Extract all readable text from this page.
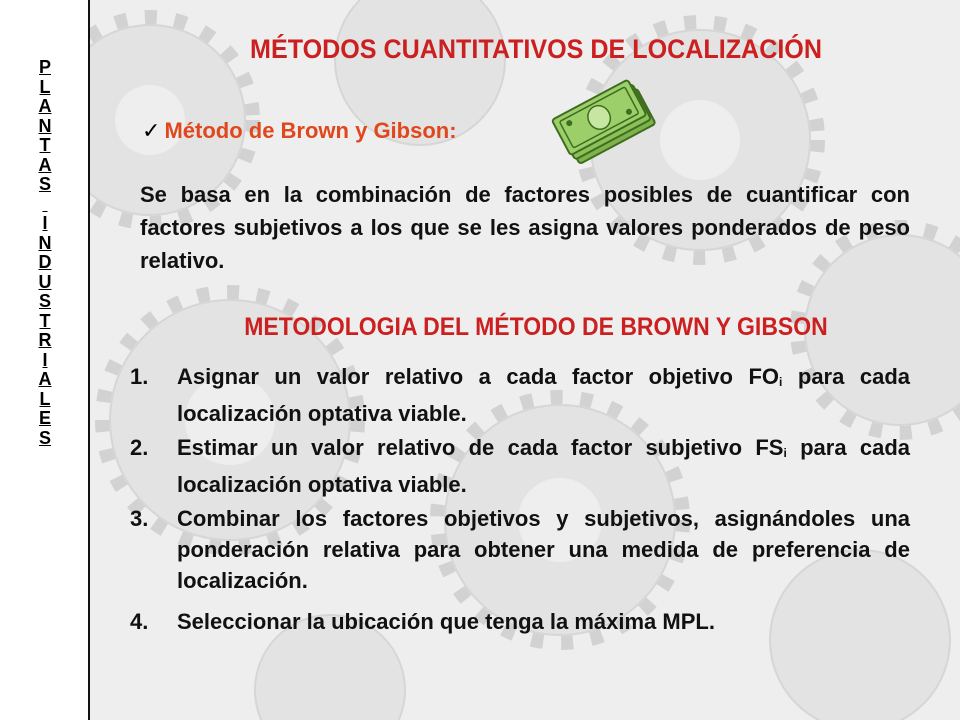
P
L
A
N
T
A
S

I
N
D
U
S
T
R
I
A
L
E
S
MÉTODOS CUANTITATIVOS DE LOCALIZACIÓN
✓ Método de Brown y Gibson:

Se basa en la combinación de factores posibles de cuantificar con factores subjetivos a los que se les asigna valores ponderados de peso relativo.

METODOLOGIA DEL MÉTODO DE BROWN Y GIBSON
1. Asignar un valor relativo a cada factor objetivo $FO_i$ para cada localización optativa viable.
2. Estimar un valor relativo de cada factor subjetivo $FS_i$ para cada localización optativa viable.
3. Combinar los factores objetivos y subjetivos, asignándoles una ponderación relativa para obtener una medida de preferencia de localización.
4. Seleccionar la ubicación que tenga la máxima MPL.
